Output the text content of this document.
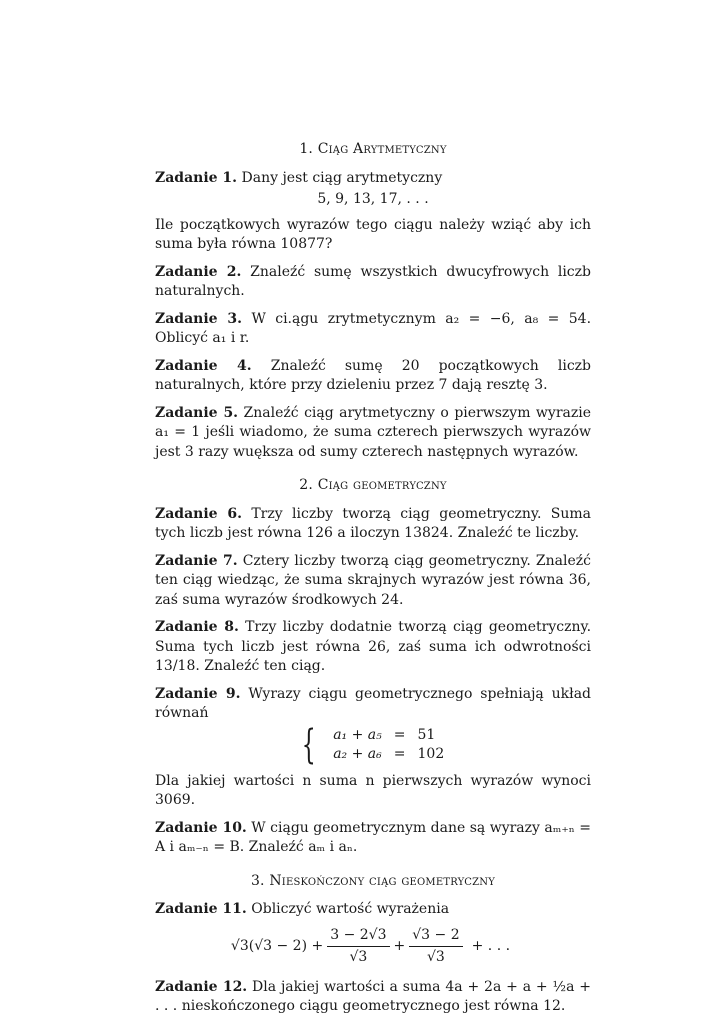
1. Ciąg Arytmetyczny
Zadanie 1. Dany jest ciąg arytmetyczny
5, 9, 13, 17, . . .
Ile początkowych wyrazów tego ciągu należy wziąć aby ich suma była równa 10877?
Zadanie 2. Znaleźć sumę wszystkich dwucyfrowych liczb naturalnych.
Zadanie 3. W ci.ągu zrytmetycznym a₂ = −6, a₈ = 54. Oblicyć a₁ i r.
Zadanie 4. Znaleźć sumę 20 początkowych liczb naturalnych, które przy dzieleniu przez 7 dają resztę 3.
Zadanie 5. Znaleźć ciąg arytmetyczny o pierwszym wyrazie a₁ = 1 jeśli wiadomo, że suma czterech pierwszych wyrazów jest 3 razy wuększa od sumy czterech następnych wyrazów.
2. Ciąg geometryczny
Zadanie 6. Trzy liczby tworzą ciąg geometryczny. Suma tych liczb jest równa 126 a iloczyn 13824. Znaleźć te liczby.
Zadanie 7. Cztery liczby tworzą ciąg geometryczny. Znaleźć ten ciąg wiedząc, że suma skrajnych wyrazów jest równa 36, zaś suma wyrazów środkowych 24.
Zadanie 8. Trzy liczby dodatnie tworzą ciąg geometryczny. Suma tych liczb jest równa 26, zaś suma ich odwrotności 13/18. Znaleźć ten ciąg.
Zadanie 9. Wyrazy ciągu geometrycznego spełniają układ równań
{ a₁ + a₅	=	51
a₂ + a₆	=	102
Dla jakiej wartości n suma n pierwszych wyrazów wynoci 3069.
Zadanie 10. W ciągu geometrycznym dane są wyrazy aₘ₊ₙ = A i aₘ₋ₙ = B. Znaleźć aₘ i aₙ.
3. Nieskończony ciąg geometryczny
Zadanie 11. Obliczyć wartość wyrażenia
$√3(√3 - 2) + \frac{3 - 2√3}{√3} + \frac{√3 - 2}{√3}$ + . . .
Zadanie 12. Dla jakiej wartości a suma 4a + 2a + a + ½a + . . . nieskończonego ciągu geometrycznego jest równa 12.
